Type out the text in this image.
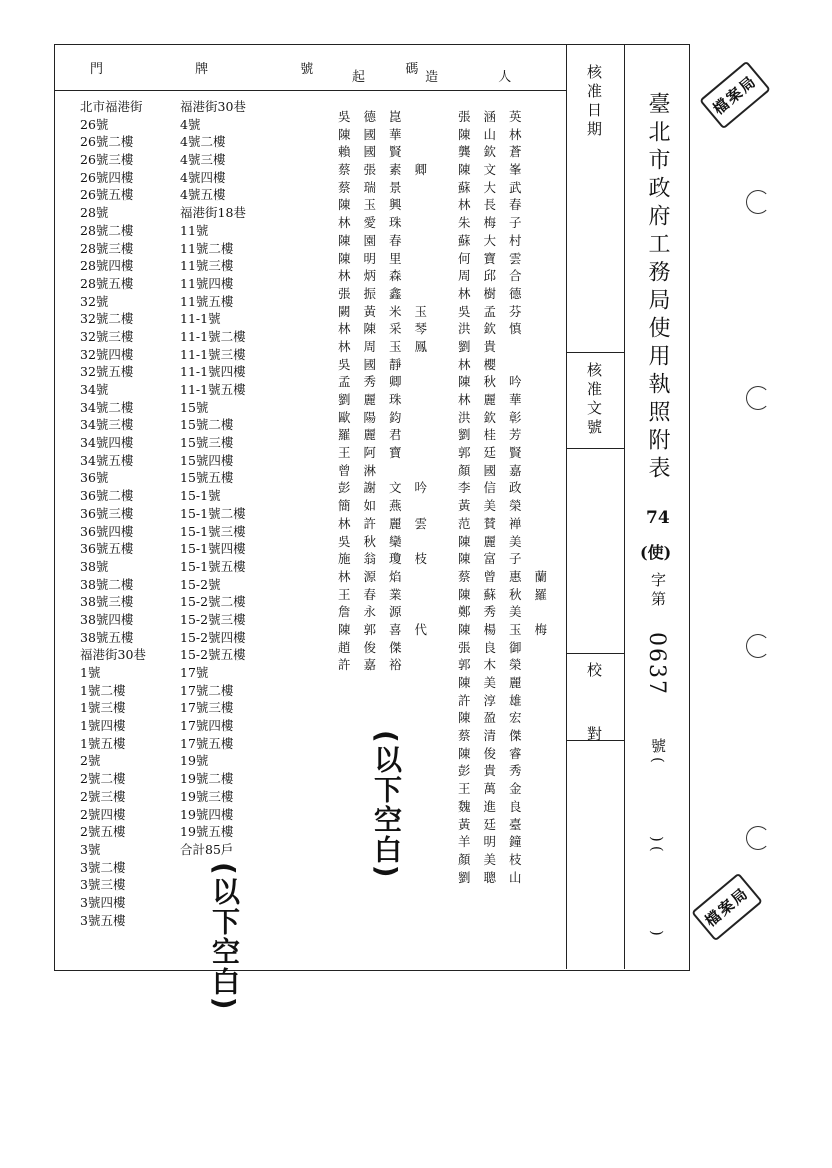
門 牌 號 碼
起 造 人	核准日期
核准文號
校 對
臺北市政府工務局使用執照附表
74
(使)
字第
0637
號(
)(
)
北市福港街
26號
26號二樓
26號三樓
26號四樓
26號五樓
28號
28號二樓
28號三樓
28號四樓
28號五樓
32號
32號二樓
32號三樓
32號四樓
32號五樓
34號
34號二樓
34號三樓
34號四樓
34號五樓
36號
36號二樓
36號三樓
36號四樓
36號五樓
38號
38號二樓
38號三樓
38號四樓
38號五樓
福港街30巷
1號
1號二樓
1號三樓
1號四樓
1號五樓
2號
2號二樓
2號三樓
2號四樓
2號五樓
3號
3號二樓
3號三樓
3號四樓
3號五樓
福港街30巷
4號
4號二樓
4號三樓
4號四樓
4號五樓
福港街18巷
11號
11號二樓
11號三樓
11號四樓
11號五樓
11-1號
11-1號二樓
11-1號三樓
11-1號四樓
11-1號五樓
15號
15號二樓
15號三樓
15號四樓
15號五樓
15-1號
15-1號二樓
15-1號三樓
15-1號四樓
15-1號五樓
15-2號
15-2號二樓
15-2號三樓
15-2號四樓
15-2號五樓
17號
17號二樓
17號三樓
17號四樓
17號五樓
19號
19號二樓
19號三樓
19號四樓
19號五樓
合計85戶
吳德崑
陳國華
賴國賢
蔡張素卿
蔡瑞景
陳玉興
林愛珠
陳園春
陳明里
林炳森
張振鑫
闕黃米玉
林陳采琴
林周玉鳳
吳國靜
孟秀卿
劉麗珠
歐陽鈞
羅麗君
王阿寶
曾淋
彭謝文吟
簡如燕
林許麗雲
吳秋欒
施翁瓊枝
林源焰
王春業
詹永源
陳郭喜代
趙俊傑
許嘉裕
張涵英
陳山林
龔欽蒼
陳文峯
蘇大武
林長春
朱梅子
蘇大村
何寶雲
周邱合
林樹德
吳孟芬
洪欽慎
劉貴
林櫻
陳秋吟
林麗華
洪欽彰
劉桂芳
郭廷賢
顏國嘉
李信政
黃美榮
范賛褝
陳麗美
陳富子
蔡曾惠蘭
陳蘇秋羅
鄭秀美
陳楊玉梅
張良御
郭木榮
陳美麗
許淳雄
陳盈宏
蔡清傑
陳俊睿
彭貴秀
王萬金
魏進良
黃廷臺
羊明鐘
顏美枝
劉聰山
(以下空白)
(以下空白)
檔案局
檔案局
